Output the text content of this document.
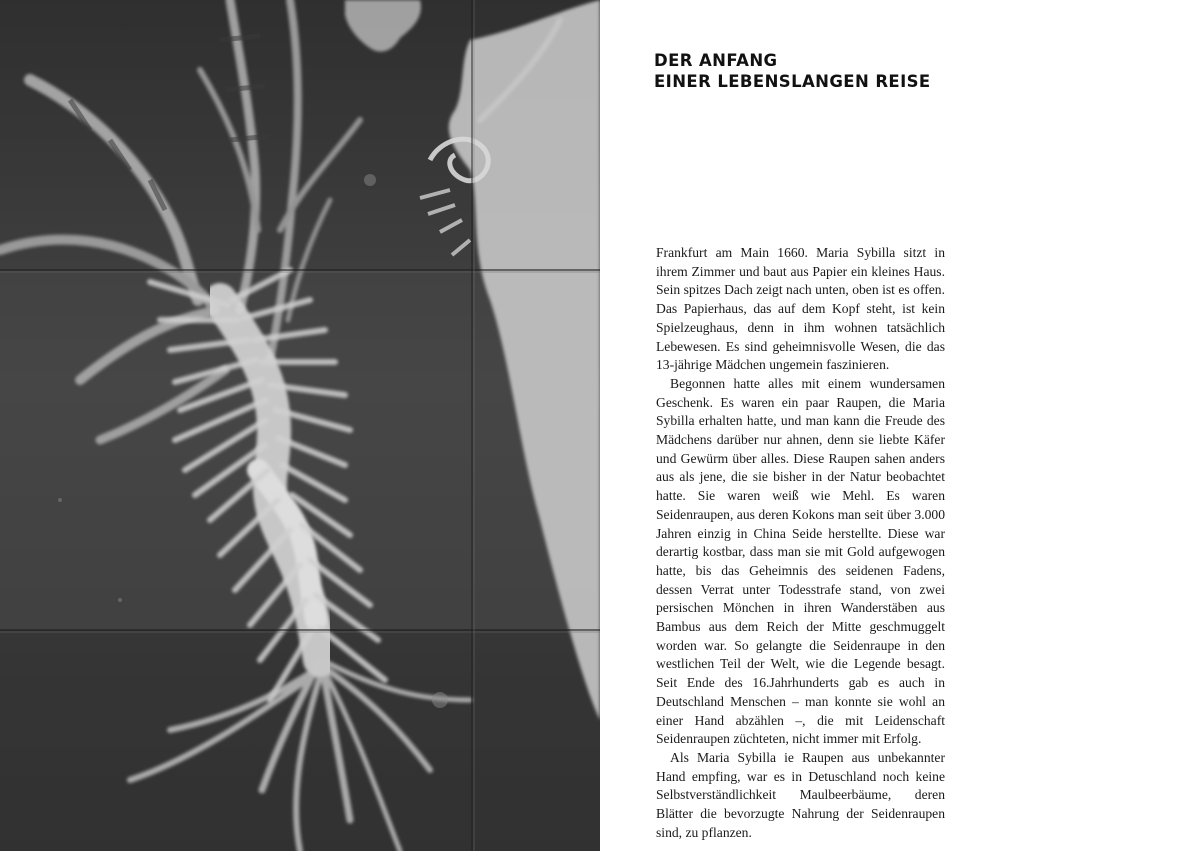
DER ANFANG
EINER LEBENSLANGEN REISE

Frankfurt am Main 1660. Maria Sybilla sitzt in ihrem Zimmer und baut aus Papier ein kleines Haus. Sein spitzes Dach zeigt nach unten, oben ist es offen. Das Papierhaus, das auf dem Kopf steht, ist kein Spielzeughaus, denn in ihm wohnen tatsächlich Lebewesen. Es sind geheimnisvolle Wesen, die das 13-jährige Mädchen ungemein faszinieren.

Begonnen hatte alles mit einem wundersamen Geschenk. Es waren ein paar Raupen, die Maria Sybilla erhalten hatte, und man kann die Freude des Mädchens darüber nur ahnen, denn sie liebte Käfer und Gewürm über alles. Diese Raupen sahen anders aus als jene, die sie bisher in der Natur beobachtet hatte. Sie waren weiß wie Mehl. Es waren Seidenraupen, aus deren Kokons man seit über 3.000 Jahren einzig in China Seide herstellte. Diese war derartig kostbar, dass man sie mit Gold aufgewogen hatte, bis das Geheimnis des seidenen Fadens, dessen Verrat unter Todesstrafe stand, von zwei persischen Mönchen in ihren Wanderstäben aus Bambus aus dem Reich der Mitte geschmuggelt worden war. So gelangte die Seidenraupe in den westlichen Teil der Welt, wie die Legende besagt. Seit Ende des 16.Jahrhunderts gab es auch in Deutschland Menschen – man konnte sie wohl an einer Hand abzählen –, die mit Leidenschaft Seidenraupen züchteten, nicht immer mit Erfolg.

Als Maria Sybilla ie Raupen aus unbekannter Hand empfing, war es in Detuschland noch keine Selbstverständlichkeit Maulbeerbäume, deren Blätter die bevorzugte Nahrung der Seidenraupen sind, zu pflanzen.
